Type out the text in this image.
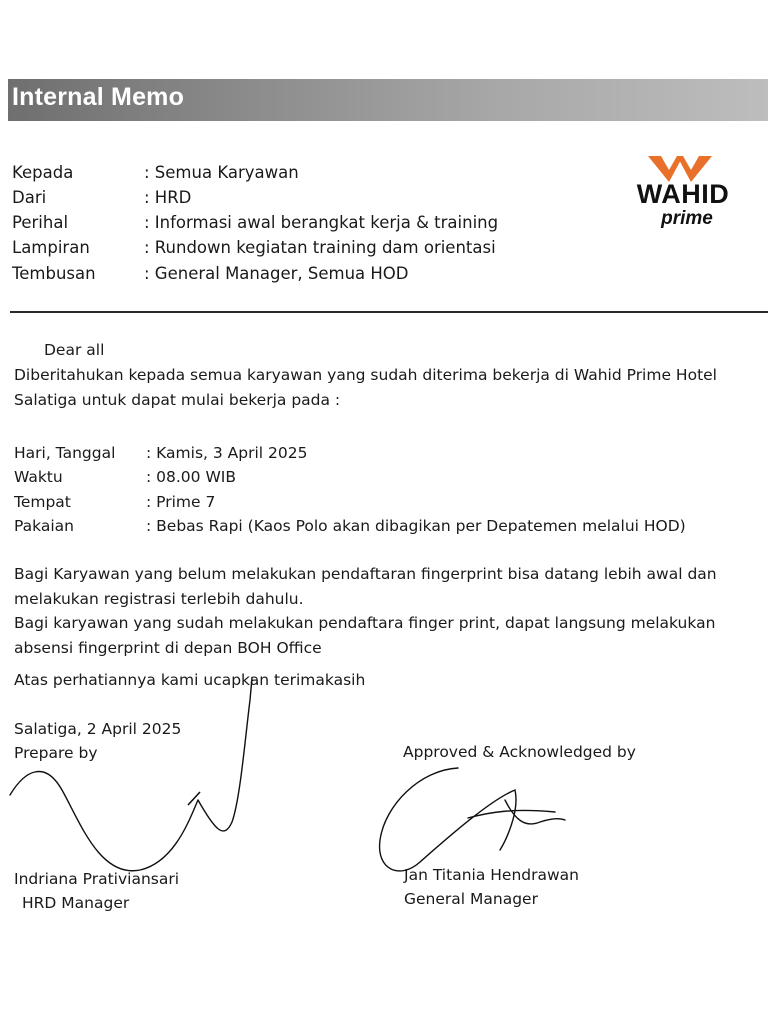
Internal Memo
Kepada	: Semua Karyawan
Dari	: HRD
Perihal	: Informasi awal berangkat kerja & training
Lampiran	: Rundown kegiatan training dam orientasi
Tembusan	: General Manager, Semua HOD
WAHID
prime
Dear all
Diberitahukan kepada semua karyawan yang sudah diterima bekerja di Wahid Prime Hotel
Salatiga untuk dapat mulai bekerja pada :
Hari, Tanggal : Kamis, 3 April 2025
Waktu	: 08.00 WIB
Tempat	: Prime 7
Pakaian	: Bebas Rapi (Kaos Polo akan dibagikan per Depatemen melalui HOD)
Bagi Karyawan yang belum melakukan pendaftaran fingerprint bisa datang lebih awal dan
melakukan registrasi terlebih dahulu.
Bagi karyawan yang sudah melakukan pendaftara finger print, dapat langsung melakukan
absensi fingerprint di depan BOH Office
Atas perhatiannya kami ucapkan terimakasih
Salatiga, 2 April 2025
Prepare by	Approved & Acknowledged by
Indriana Prativiansari
HRD Manager
Jan Titania Hendrawan
General Manager
